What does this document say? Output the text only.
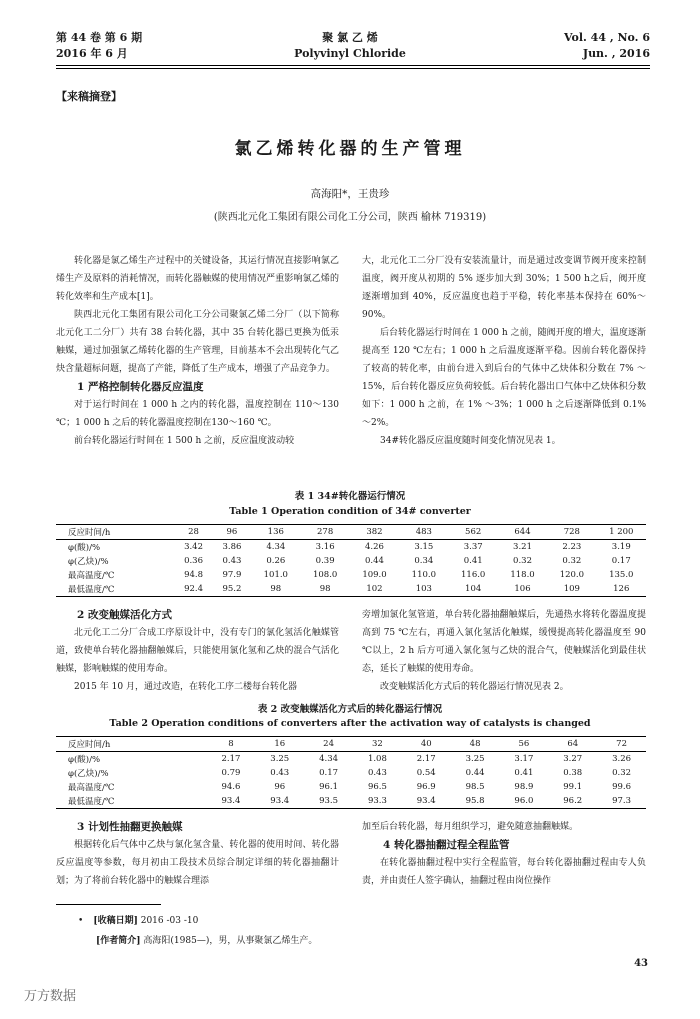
第 44 卷 第 6 期
2016 年 6 月
聚 氯 乙 烯
Polyvinyl Chloride
Vol. 44 , No. 6
Jun. , 2016
【来稿摘登】
氯乙烯转化器的生产管理
高海阳*，王贵珍
(陕西北元化工集团有限公司化工分公司，陕西 榆林 719319)

转化器是氯乙烯生产过程中的关键设备，其运行情况直接影响氯乙烯生产及原料的消耗情况，而转化器触媒的使用情况严重影响氯乙烯的转化效率和生产成本[1]。

陕西北元化工集团有限公司化工分公司聚氯乙烯二分厂（以下简称北元化工二分厂）共有 38 台转化器，其中 35 台转化器已更换为低汞触媒，通过加强氯乙烯转化器的生产管理，目前基本不会出现转化气乙炔含量超标问题，提高了产能，降低了生产成本，增强了产品竞争力。

1 严格控制转化器反应温度

对于运行时间在 1 000 h 之内的转化器，温度控制在 110～130 ℃；1 000 h 之后的转化器温度控制在130～160 ℃。

前台转化器运行时间在 1 500 h 之前，反应温度波动较

大，北元化工二分厂没有安装流量计，而是通过改变调节阀开度来控制温度，阀开度从初期的 5% 逐步加大到 30%；1 500 h之后，阀开度逐渐增加到 40%，反应温度也趋于平稳，转化率基本保持在 60%～90%。

后台转化器运行时间在 1 000 h 之前，随阀开度的增大，温度逐渐提高至 120 ℃左右；1 000 h 之后温度逐渐平稳。因前台转化器保持了较高的转化率，由前台进入到后台的气体中乙炔体积分数在 7% ～15%，后台转化器反应负荷较低。后台转化器出口气体中乙炔体积分数如下：1 000 h 之前，在 1% ～3%；1 000 h 之后逐渐降低到 0.1% ～2%。

34#转化器反应温度随时间变化情况见表 1。

表 1 34#转化器运行情况
Table 1 Operation condition of 34# converter
反应时间/h	28	96	136	278	382	483	562	644	728	1 200
φ(酸)/%	3.42	3.86	4.34	3.16	4.26	3.15	3.37	3.21	2.23	3.19
φ(乙炔)/%	0.36	0.43	0.26	0.39	0.44	0.34	0.41	0.32	0.32	0.17
最高温度/℃	94.8	97.9	101.0	108.0	109.0	110.0	116.0	118.0	120.0	135.0
最低温度/℃	92.4	95.2	98	98	102	103	104	106	109	126

2 改变触媒活化方式

北元化工二分厂合成工序原设计中，没有专门的氯化氢活化触媒管道，致使单台转化器抽翻触媒后，只能使用氯化氢和乙炔的混合气活化触媒，影响触媒的使用寿命。

2015 年 10 月，通过改造，在转化工序二楼每台转化器

旁增加氯化氢管道，单台转化器抽翻触媒后，先通热水将转化器温度提高到 75 ℃左右，再通入氯化氢活化触媒，缓慢提高转化器温度至 90 ℃以上，2 h 后方可通入氯化氢与乙炔的混合气，使触媒活化到最佳状态，延长了触媒的使用寿命。

改变触媒活化方式后的转化器运行情况见表 2。

表 2 改变触媒活化方式后的转化器运行情况
Table 2 Operation conditions of converters after the activation way of catalysts is changed
反应时间/h	8	16	24	32	40	48	56	64	72
φ(酸)/%	2.17	3.25	4.34	1.08	2.17	3.25	3.17	3.27	3.26
φ(乙炔)/%	0.79	0.43	0.17	0.43	0.54	0.44	0.41	0.38	0.32
最高温度/℃	94.6	96	96.1	96.5	96.9	98.5	98.9	99.1	99.6
最低温度/℃	93.4	93.4	93.5	93.3	93.4	95.8	96.0	96.2	97.3

3 计划性抽翻更换触媒

根据转化后气体中乙炔与氯化氢含量、转化器的使用时间、转化器反应温度等参数，每月初由工段技术员综合制定详细的转化器抽翻计划；为了将前台转化器中的触媒合理添

加至后台转化器，每月组织学习，避免随意抽翻触媒。

4 转化器抽翻过程全程监管

在转化器抽翻过程中实行全程监管，每台转化器抽翻过程由专人负责，并由责任人签字确认，抽翻过程由岗位操作

• [收稿日期] 2016 -03 -10
[作者简介] 高海阳(1985—)，男，从事聚氯乙烯生产。
43
万方数据
